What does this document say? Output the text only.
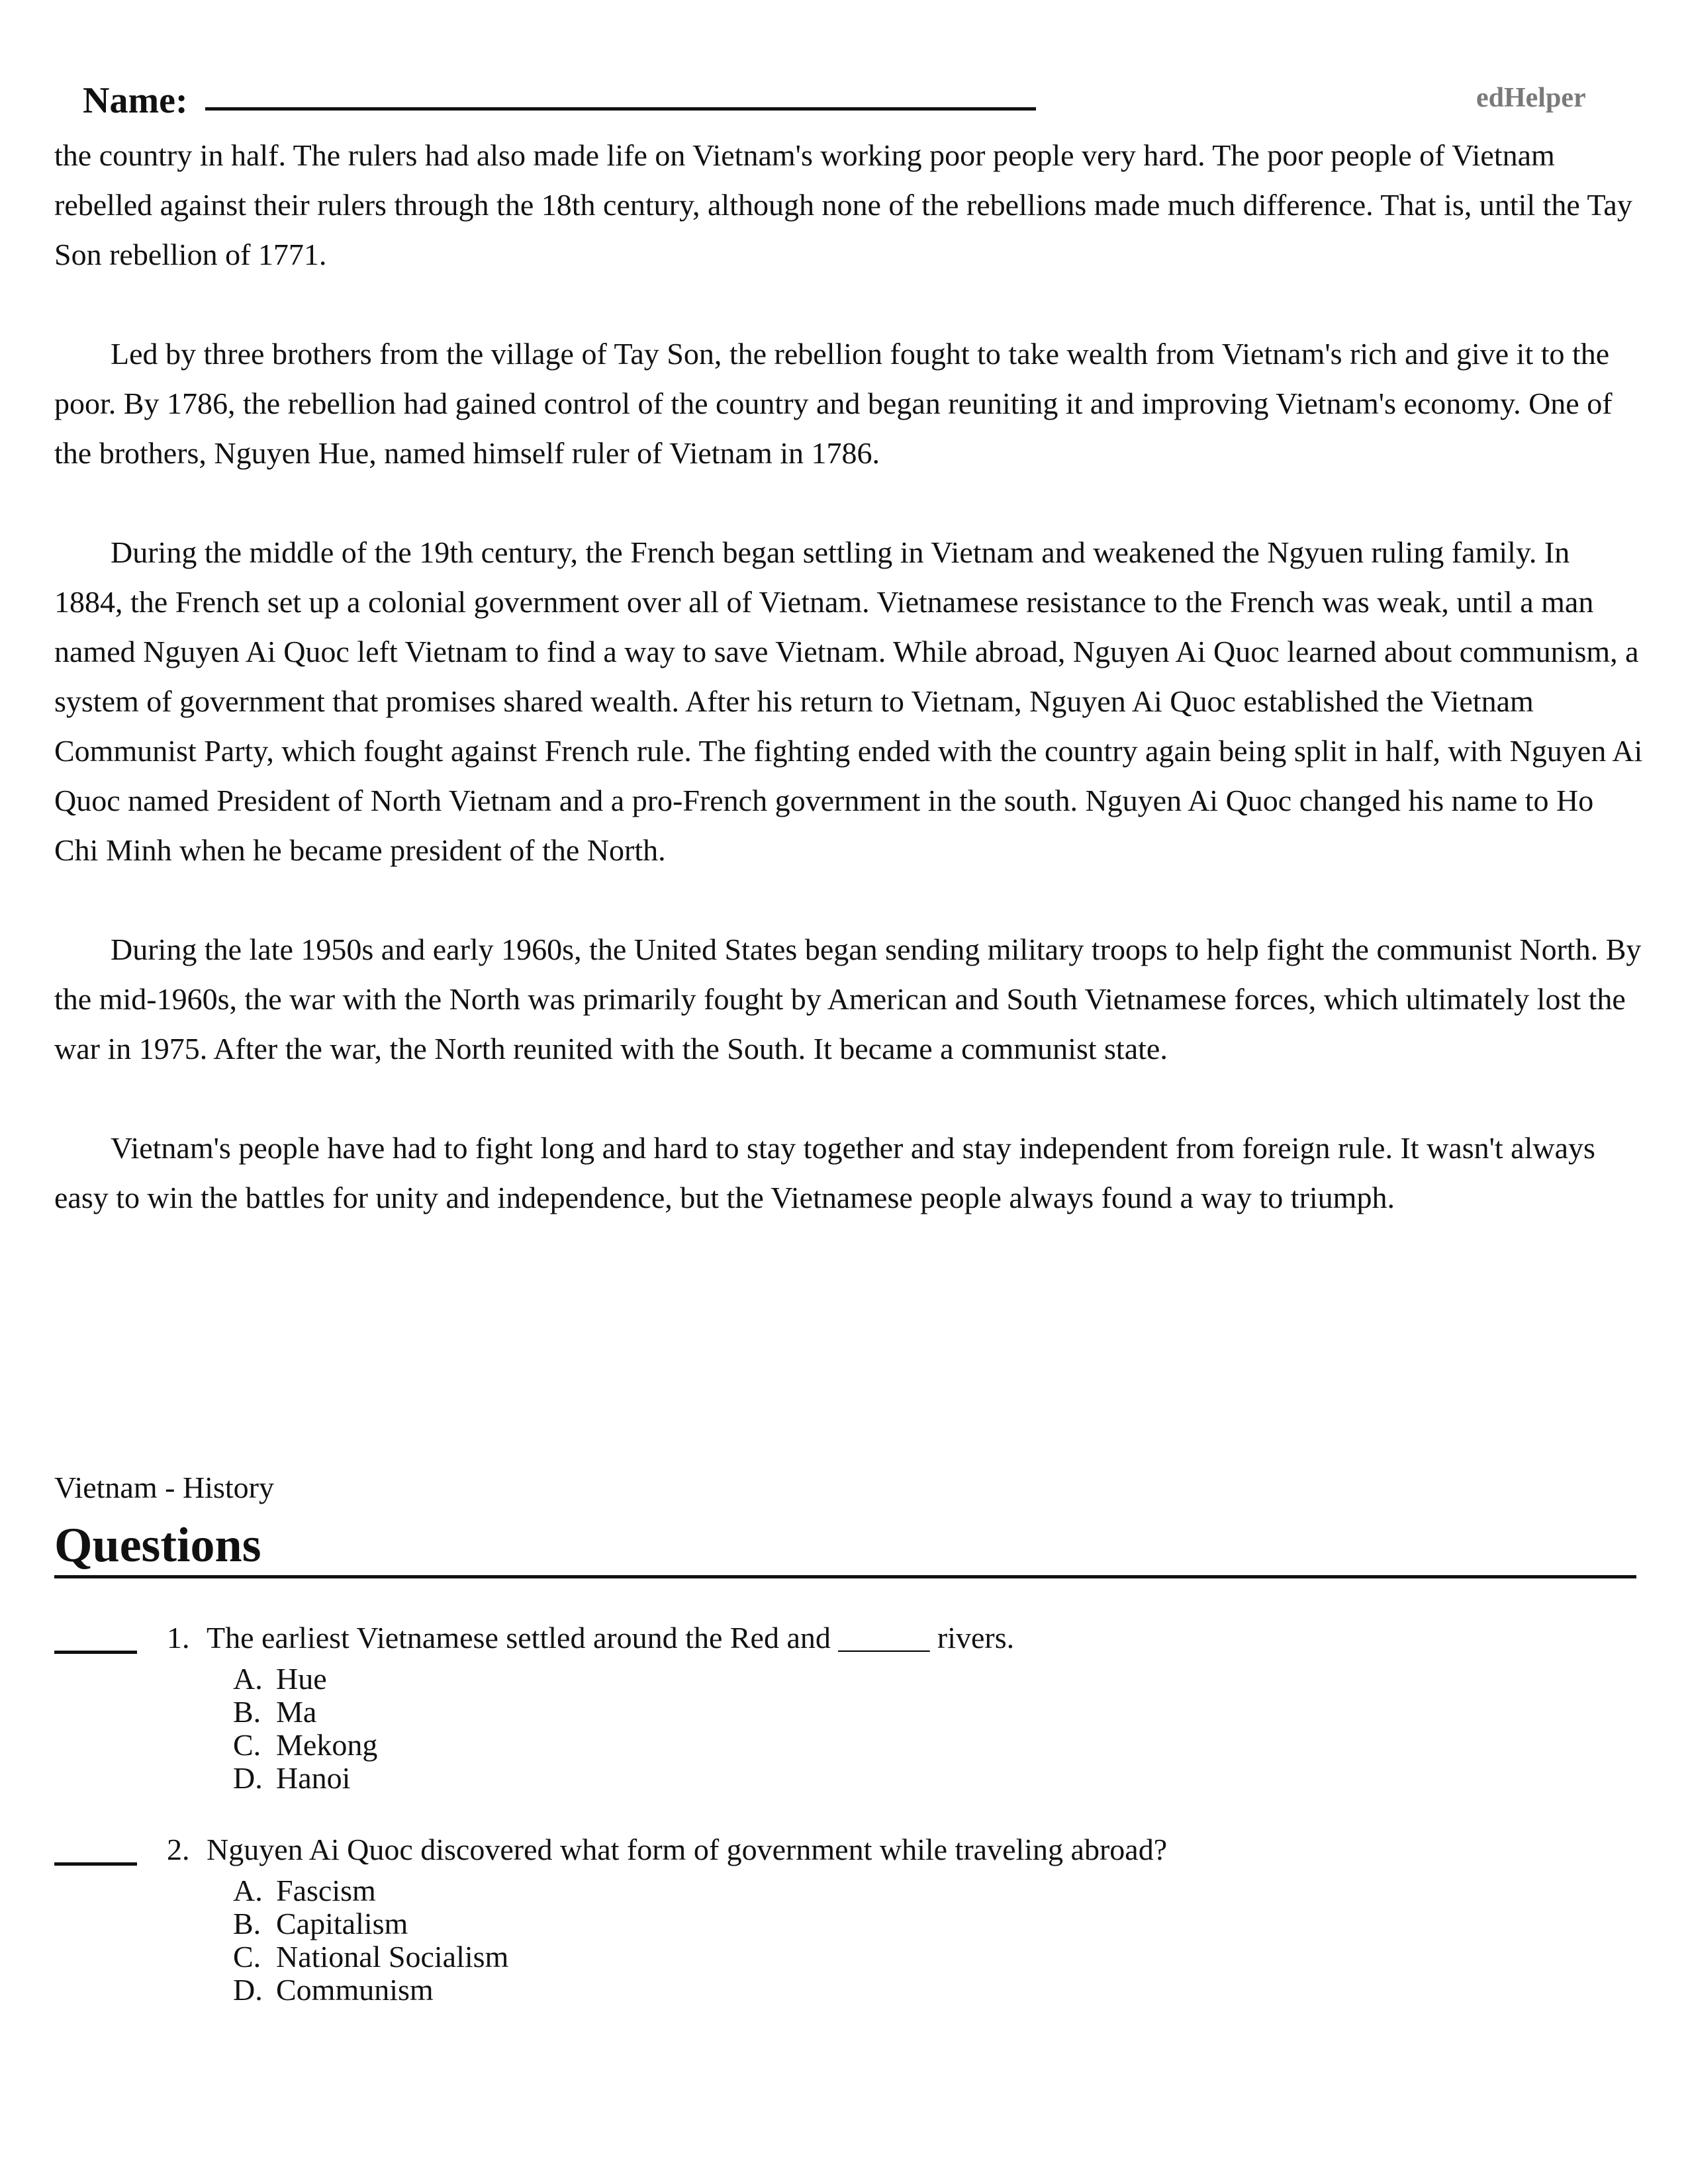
Name:	edHelper

the country in half. The rulers had also made life on Vietnam's working poor people very hard. The poor people of Vietnam rebelled against their rulers through the 18th century, although none of the rebellions made much difference. That is, until the Tay Son rebellion of 1771.

Led by three brothers from the village of Tay Son, the rebellion fought to take wealth from Vietnam's rich and give it to the poor. By 1786, the rebellion had gained control of the country and began reuniting it and improving Vietnam's economy. One of the brothers, Nguyen Hue, named himself ruler of Vietnam in 1786.

During the middle of the 19th century, the French began settling in Vietnam and weakened the Ngyuen ruling family. In 1884, the French set up a colonial government over all of Vietnam. Vietnamese resistance to the French was weak, until a man named Nguyen Ai Quoc left Vietnam to find a way to save Vietnam. While abroad, Nguyen Ai Quoc learned about communism, a system of government that promises shared wealth. After his return to Vietnam, Nguyen Ai Quoc established the Vietnam Communist Party, which fought against French rule. The fighting ended with the country again being split in half, with Nguyen Ai Quoc named President of North Vietnam and a pro-French government in the south. Nguyen Ai Quoc changed his name to Ho Chi Minh when he became president of the North.

During the late 1950s and early 1960s, the United States began sending military troops to help fight the communist North. By the mid-1960s, the war with the North was primarily fought by American and South Vietnamese forces, which ultimately lost the war in 1975. After the war, the North reunited with the South. It became a communist state.

Vietnam's people have had to fight long and hard to stay together and stay independent from foreign rule. It wasn't always easy to win the battles for unity and independence, but the Vietnamese people always found a way to triumph.

Vietnam - History
Questions
1. The earliest Vietnamese settled around the Red and ______ rivers.
A. Hue
B. Ma
C. Mekong
D. Hanoi
2. Nguyen Ai Quoc discovered what form of government while traveling abroad?
A. Fascism
B. Capitalism
C. National Socialism
D. Communism
